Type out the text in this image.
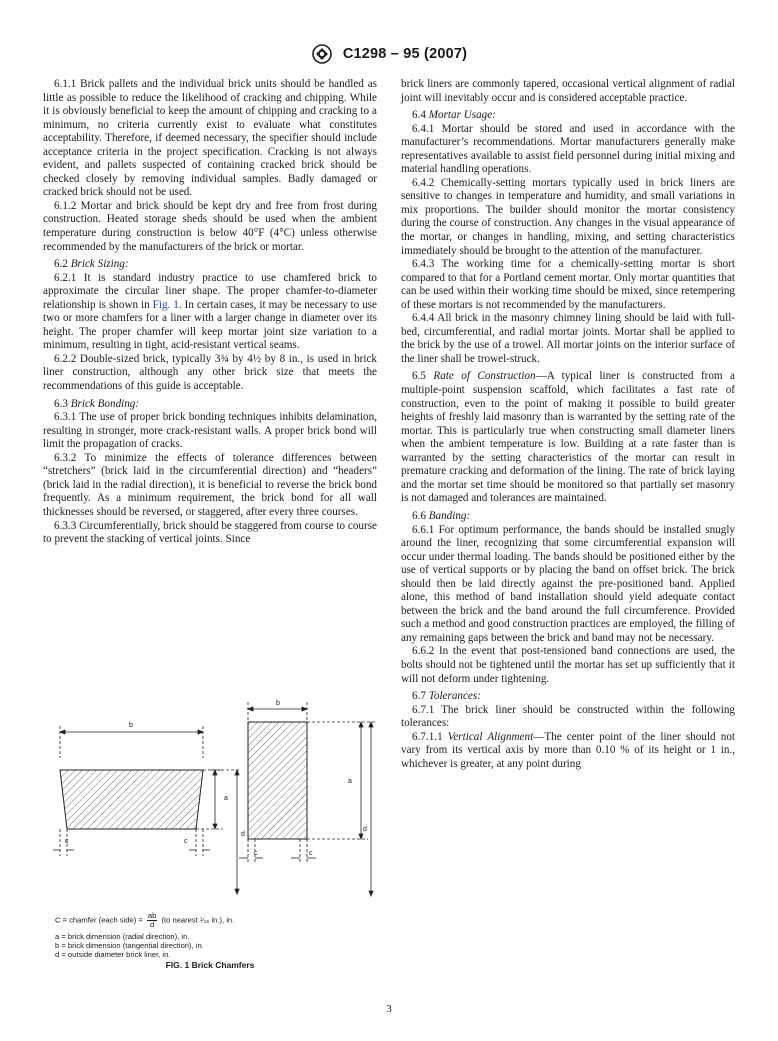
C1298 – 95 (2007)

6.1.1 Brick pallets and the individual brick units should be handled as little as possible to reduce the likelihood of cracking and chipping. While it is obviously beneficial to keep the amount of chipping and cracking to a minimum, no criteria currently exist to evaluate what constitutes acceptability. Therefore, if deemed necessary, the specifier should include acceptance criteria in the project specification. Cracking is not always evident, and pallets suspected of containing cracked brick should be checked closely by removing individual samples. Badly damaged or cracked brick should not be used.

6.1.2 Mortar and brick should be kept dry and free from frost during construction. Heated storage sheds should be used when the ambient temperature during construction is below 40°F (4°C) unless otherwise recommended by the manufacturers of the brick or mortar.

6.2 Brick Sizing:

6.2.1 It is standard industry practice to use chamfered brick to approximate the circular liner shape. The proper chamfer-to-diameter relationship is shown in Fig. 1. In certain cases, it may be necessary to use two or more chamfers for a liner with a larger change in diameter over its height. The proper chamfer will keep mortar joint size variation to a minimum, resulting in tight, acid-resistant vertical seams.

6.2.2 Double-sized brick, typically 3¾ by 4½ by 8 in., is used in brick liner construction, although any other brick size that meets the recommendations of this guide is acceptable.

6.3 Brick Bonding:

6.3.1 The use of proper brick bonding techniques inhibits delamination, resulting in stronger, more crack-resistant walls. A proper brick bond will limit the propagation of cracks.

6.3.2 To minimize the effects of tolerance differences between “stretchers” (brick laid in the circumferential direction) and “headers” (brick laid in the radial direction), it is beneficial to reverse the brick bond frequently. As a minimum requirement, the brick bond for all wall thicknesses should be reversed, or staggered, after every three courses.

6.3.3 Circumferentially, brick should be staggered from course to course to prevent the stacking of vertical joints. Since

brick liners are commonly tapered, occasional vertical alignment of radial joint will inevitably occur and is considered acceptable practice.

6.4 Mortar Usage:

6.4.1 Mortar should be stored and used in accordance with the manufacturer’s recommendations. Mortar manufacturers generally make representatives available to assist field personnel during initial mixing and material handling operations.

6.4.2 Chemically-setting mortars typically used in brick liners are sensitive to changes in temperature and humidity, and small variations in mix proportions. The builder should monitor the mortar consistency during the course of construction. Any changes in the visual appearance of the mortar, or changes in handling, mixing, and setting characteristics immediately should be brought to the attention of the manufacturer.

6.4.3 The working time for a chemically-setting mortar is short compared to that for a Portland cement mortar. Only mortar quantities that can be used within their working time should be mixed, since retempering of these mortars is not recommended by the manufacturers.

6.4.4 All brick in the masonry chimney lining should be laid with full-bed, circumferential, and radial mortar joints. Mortar shall be applied to the brick by the use of a trowel. All mortar joints on the interior surface of the liner shall be trowel-struck.

6.5 Rate of Construction—A typical liner is constructed from a multiple-point suspension scaffold, which facilitates a fast rate of construction, even to the point of making it possible to build greater heights of freshly laid masonry than is warranted by the setting rate of the mortar. This is particularly true when constructing small diameter liners when the ambient temperature is low. Building at a rate faster than is warranted by the setting characteristics of the mortar can result in premature cracking and deformation of the lining. The rate of brick laying and the mortar set time should be monitored so that partially set masonry is not damaged and tolerances are maintained.

6.6 Banding:

6.6.1 For optimum performance, the bands should be installed snugly around the liner, recognizing that some circumferential expansion will occur under thermal loading. The bands should be positioned either by the use of vertical supports or by placing the band on offset brick. The brick should then be laid directly against the pre-positioned band. Applied alone, this method of band installation should yield adequate contact between the brick and the band around the full circumference. Provided such a method and good construction practices are employed, the filling of any remaining gaps between the brick and band may not be necessary.

6.6.2 In the event that post-tensioned band connections are used, the bolts should not be tightened until the mortar has set up sufficiently that it will not deform under tightening.

6.7 Tolerances:

6.7.1 The brick liner should be constructed within the following tolerances:

6.7.1.1 Vertical Alignment—The center point of the liner should not vary from its vertical axis by more than 0.10 % of its height or 1 in., whichever is greater, at any point during

b
a
c	c
d
b
a
c	c
d
C = chamfer (each side) = $\frac{ab}{d} (to$ nearest ¹⁄₁₆ in.), in.
a = brick dimension (radial direction), in.
b = brick dimension (tangential direction), in.
d = outside diameter brick liner, in.
FIG. 1 Brick Chamfers
3
